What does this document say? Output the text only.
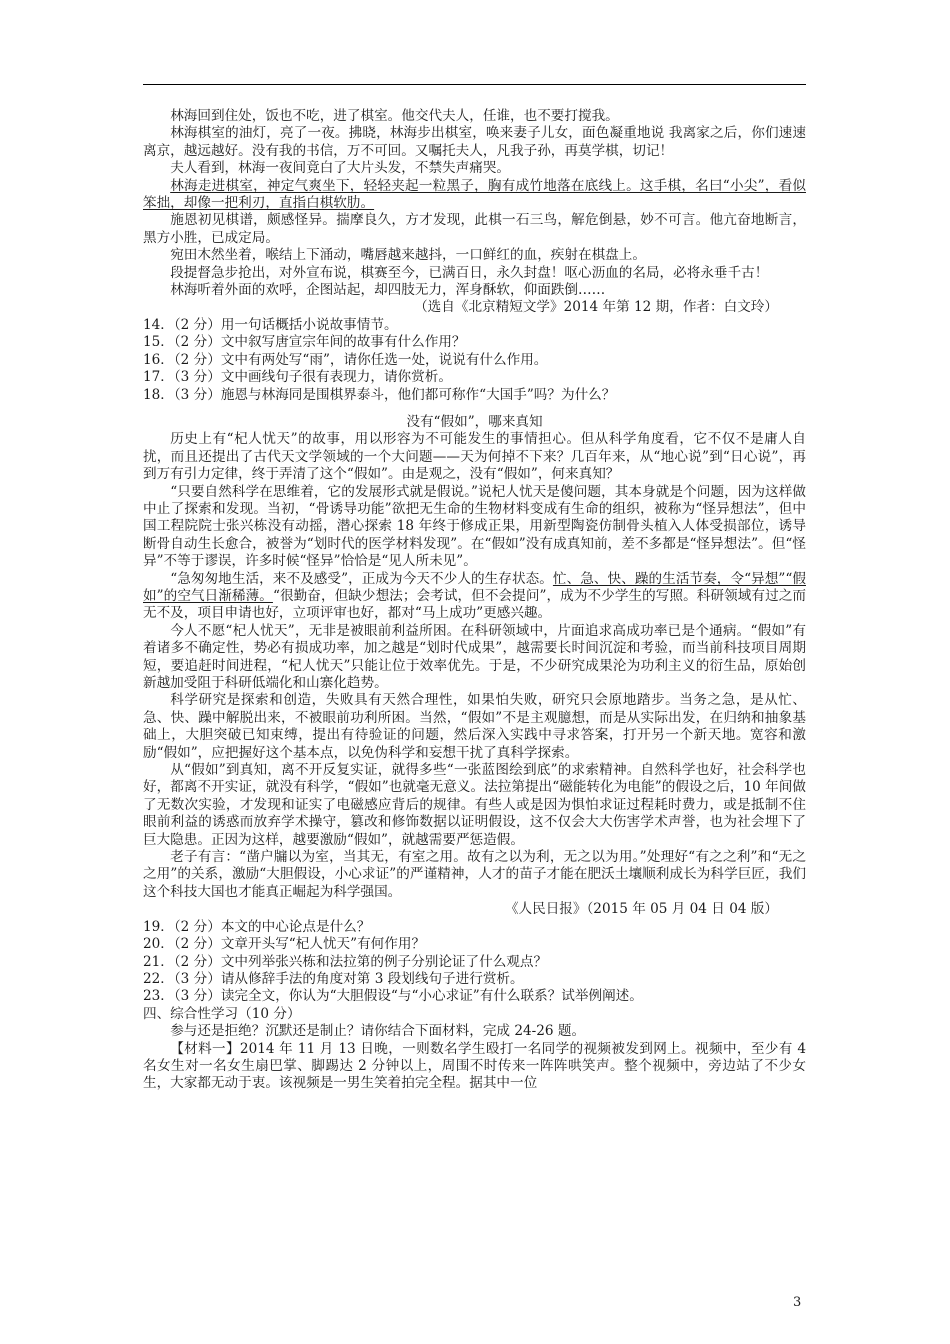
林海回到住处，饭也不吃，进了棋室。他交代夫人，任谁，也不要打搅我。

林海棋室的油灯，亮了一夜。拂晓，林海步出棋室，唤来妻子儿女，面色凝重地说 我离家之后，你们速速离京，越远越好。没有我的书信，万不可回。又嘱托夫人，凡我子孙，再莫学棋，切记！

夫人看到，林海一夜间竟白了大片头发，不禁失声痛哭。

林海走进棋室，神定气爽坐下，轻轻夹起一粒黑子，胸有成竹地落在底线上。这手棋，名曰“小尖”，看似笨拙，却像一把利刃，直指白棋软肋。

施恩初见棋谱，颇感怪异。揣摩良久，方才发现，此棋一石三鸟，解危倒悬，妙不可言。他亢奋地断言，黑方小胜，已成定局。

宛田木然坐着，喉结上下涌动，嘴唇越来越抖，一口鲜红的血，疾射在棋盘上。

段提督急步抢出，对外宣布说，棋赛至今，已满百日，永久封盘！呕心沥血的名局，必将永垂千古！

林海听着外面的欢呼，企图站起，却四肢无力，浑身酥软，仰面跌倒……

（选自《北京精短文学》2014 年第 12 期，作者：白文玲）

14．（2 分）用一句话概括小说故事情节。

15．（2 分）文中叙写唐宣宗年间的故事有什么作用？

16．（2 分）文中有两处写“雨”，请你任选一处，说说有什么作用。

17．（3 分）文中画线句子很有表现力，请你赏析。

18．（3 分）施恩与林海同是围棋界泰斗，他们都可称作“大国手”吗？为什么？

没有“假如”，哪来真知

历史上有“杞人忧天”的故事，用以形容为不可能发生的事情担心。但从科学角度看，它不仅不是庸人自扰，而且还提出了古代天文学领域的一个大问题——天为何掉不下来？几百年来，从“地心说”到“日心说”，再到万有引力定律，终于弄清了这个“假如”。由是观之，没有“假如”，何来真知？

“只要自然科学在思维着，它的发展形式就是假说。”说杞人忧天是傻问题，其本身就是个问题，因为这样做中止了探索和发现。当初，“骨诱导功能”欲把无生命的生物材料变成有生命的组织，被称为“怪异想法”，但中国工程院院士张兴栋没有动摇，潜心探索 18 年终于修成正果，用新型陶瓷仿制骨头植入人体受损部位，诱导断骨自动生长愈合，被誉为“划时代的医学材料发现”。在“假如”没有成真知前，差不多都是“怪异想法”。但“怪异”不等于谬误，许多时候“怪异”恰恰是“见人所未见”。

“急匆匆地生活，来不及感受”，正成为今天不少人的生存状态。忙、急、快、躁的生活节奏，令“异想”“假如”的空气日渐稀薄。“很勤奋，但缺少想法；会考试，但不会提问”，成为不少学生的写照。科研领域有过之而无不及，项目申请也好，立项评审也好，都对“马上成功”更感兴趣。

今人不愿“杞人忧天”，无非是被眼前利益所困。在科研领域中，片面追求高成功率已是个通病。“假如”有着诸多不确定性，势必有损成功率，加之越是“划时代成果”，越需要长时间沉淀和考验，而当前科技项目周期短，要追赶时间进程，“杞人忧天”只能让位于效率优先。于是，不少研究成果沦为功利主义的衍生品，原始创新越加受阻于科研低端化和山寨化趋势。

科学研究是探索和创造，失败具有天然合理性，如果怕失败，研究只会原地踏步。当务之急，是从忙、急、快、躁中解脱出来，不被眼前功利所困。当然，“假如”不是主观臆想，而是从实际出发，在归纳和抽象基础上，大胆突破已知束缚，提出有待验证的问题，然后深入实践中寻求答案，打开另一个新天地。宽容和激励“假如”，应把握好这个基本点，以免伪科学和妄想干扰了真科学探索。

从“假如”到真知，离不开反复实证，就得多些“一张蓝图绘到底”的求索精神。自然科学也好，社会科学也好，都离不开实证，就没有科学，“假如”也就毫无意义。法拉第提出“磁能转化为电能”的假设之后，10 年间做了无数次实验，才发现和证实了电磁感应背后的规律。有些人或是因为惧怕求证过程耗时费力，或是抵制不住眼前利益的诱惑而放弃学术操守，篡改和修饰数据以证明假设，这不仅会大大伤害学术声誉，也为社会埋下了巨大隐患。正因为这样，越要激励“假如”，就越需要严惩造假。

老子有言：“凿户牖以为室，当其无，有室之用。故有之以为利，无之以为用。”处理好“有之之利”和“无之之用”的关系，激励“大胆假设，小心求证”的严谨精神，人才的苗子才能在肥沃土壤顺利成长为科学巨匠，我们这个科技大国也才能真正崛起为科学强国。

《人民日报》（2015 年 05 月 04 日 04 版）

19．（2 分）本文的中心论点是什么？

20．（2 分）文章开头写“杞人忧天”有何作用？

21．（2 分）文中列举张兴栋和法拉第的例子分别论证了什么观点？

22．（3 分）请从修辞手法的角度对第 3 段划线句子进行赏析。

23．（3 分）读完全文，你认为“大胆假设“与“小心求证”有什么联系？试举例阐述。

四、综合性学习（10 分）

参与还是拒绝？沉默还是制止？请你结合下面材料，完成 24-26 题。

【材料一】2014 年 11 月 13 日晚，一则数名学生殴打一名同学的视频被发到网上。视频中，至少有 4 名女生对一名女生扇巴掌、脚踢达 2 分钟以上，周围不时传来一阵阵哄笑声。整个视频中，旁边站了不少女生，大家都无动于衷。该视频是一男生笑着拍完全程。据其中一位

3
